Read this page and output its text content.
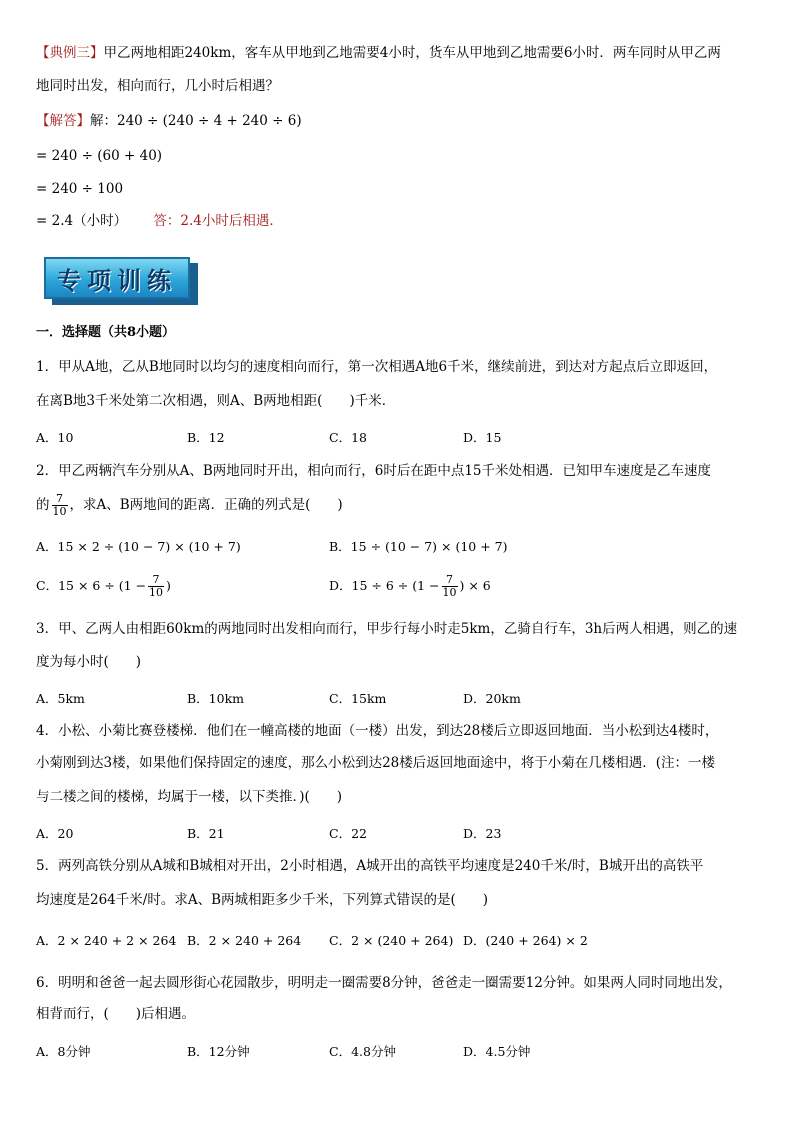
【典例三】甲乙两地相距240km，客车从甲地到乙地需要4小时，货车从甲地到乙地需要6小时．两车同时从甲乙两
地同时出发，相向而行，几小时后相遇？
【解答】解：240 ÷ (240 ÷ 4 + 240 ÷ 6)
= 240 ÷ (60 + 40)
= 240 ÷ 100
= 2.4（小时） 答：2.4小时后相遇．
专项训练
一．选择题（共8小题）
1．甲从A地，乙从B地同时以均匀的速度相向而行，第一次相遇A地6千米，继续前进，到达对方起点后立即返回，
在离B地3千米处第二次相遇，则A、B两地相距(　　)千米．
A．10	B．12	C．18	D．15
2．甲乙两辆汽车分别从A、B两地同时开出，相向而行，6时后在距中点15千米处相遇．已知甲车速度是乙车速度
的 $\frac{7}{10}$ ，求A、B两地间的距离．正确的列式是(　　)
A．15 × 2 ÷ (10 − 7) × (10 + 7)	B．15 ÷ (10 − 7) × (10 + 7)
C．$15 \times 6 \div (1 - \frac{7}{10}$ )	D．$15 \div 6 \div (1 - \frac{7}{10}$ ) × 6
3．甲、乙两人由相距60km的两地同时出发相向而行，甲步行每小时走5km，乙骑自行车，3h后两人相遇，则乙的速
度为每小时(　　)
A．5km	B．10km	C．15km	D．20km
4．小松、小菊比赛登楼梯．他们在一幢高楼的地面（一楼）出发，到达28楼后立即返回地面．当小松到达4楼时，
小菊刚到达3楼，如果他们保持固定的速度，那么小松到达28楼后返回地面途中，将于小菊在几楼相遇．(注：一楼
与二楼之间的楼梯，均属于一楼，以下类推．)(　　)
A．20	B．21	C．22	D．23
5．两列高铁分别从A城和B城相对开出，2小时相遇，A城开出的高铁平均速度是240千米/时，B城开出的高铁平
均速度是264千米/时。求A、B两城相距多少千米，下列算式错误的是(　　)
A．2 × 240 + 2 × 264 B．2 × 240 + 264 C．2 × (240 + 264) D．(240 + 264) × 2
6．明明和爸爸一起去圆形街心花园散步，明明走一圈需要8分钟，爸爸走一圈需要12分钟。如果两人同时同地出发，
相背而行，(　　)后相遇。
A．8分钟	B．12分钟	C．4.8分钟	D．4.5分钟
